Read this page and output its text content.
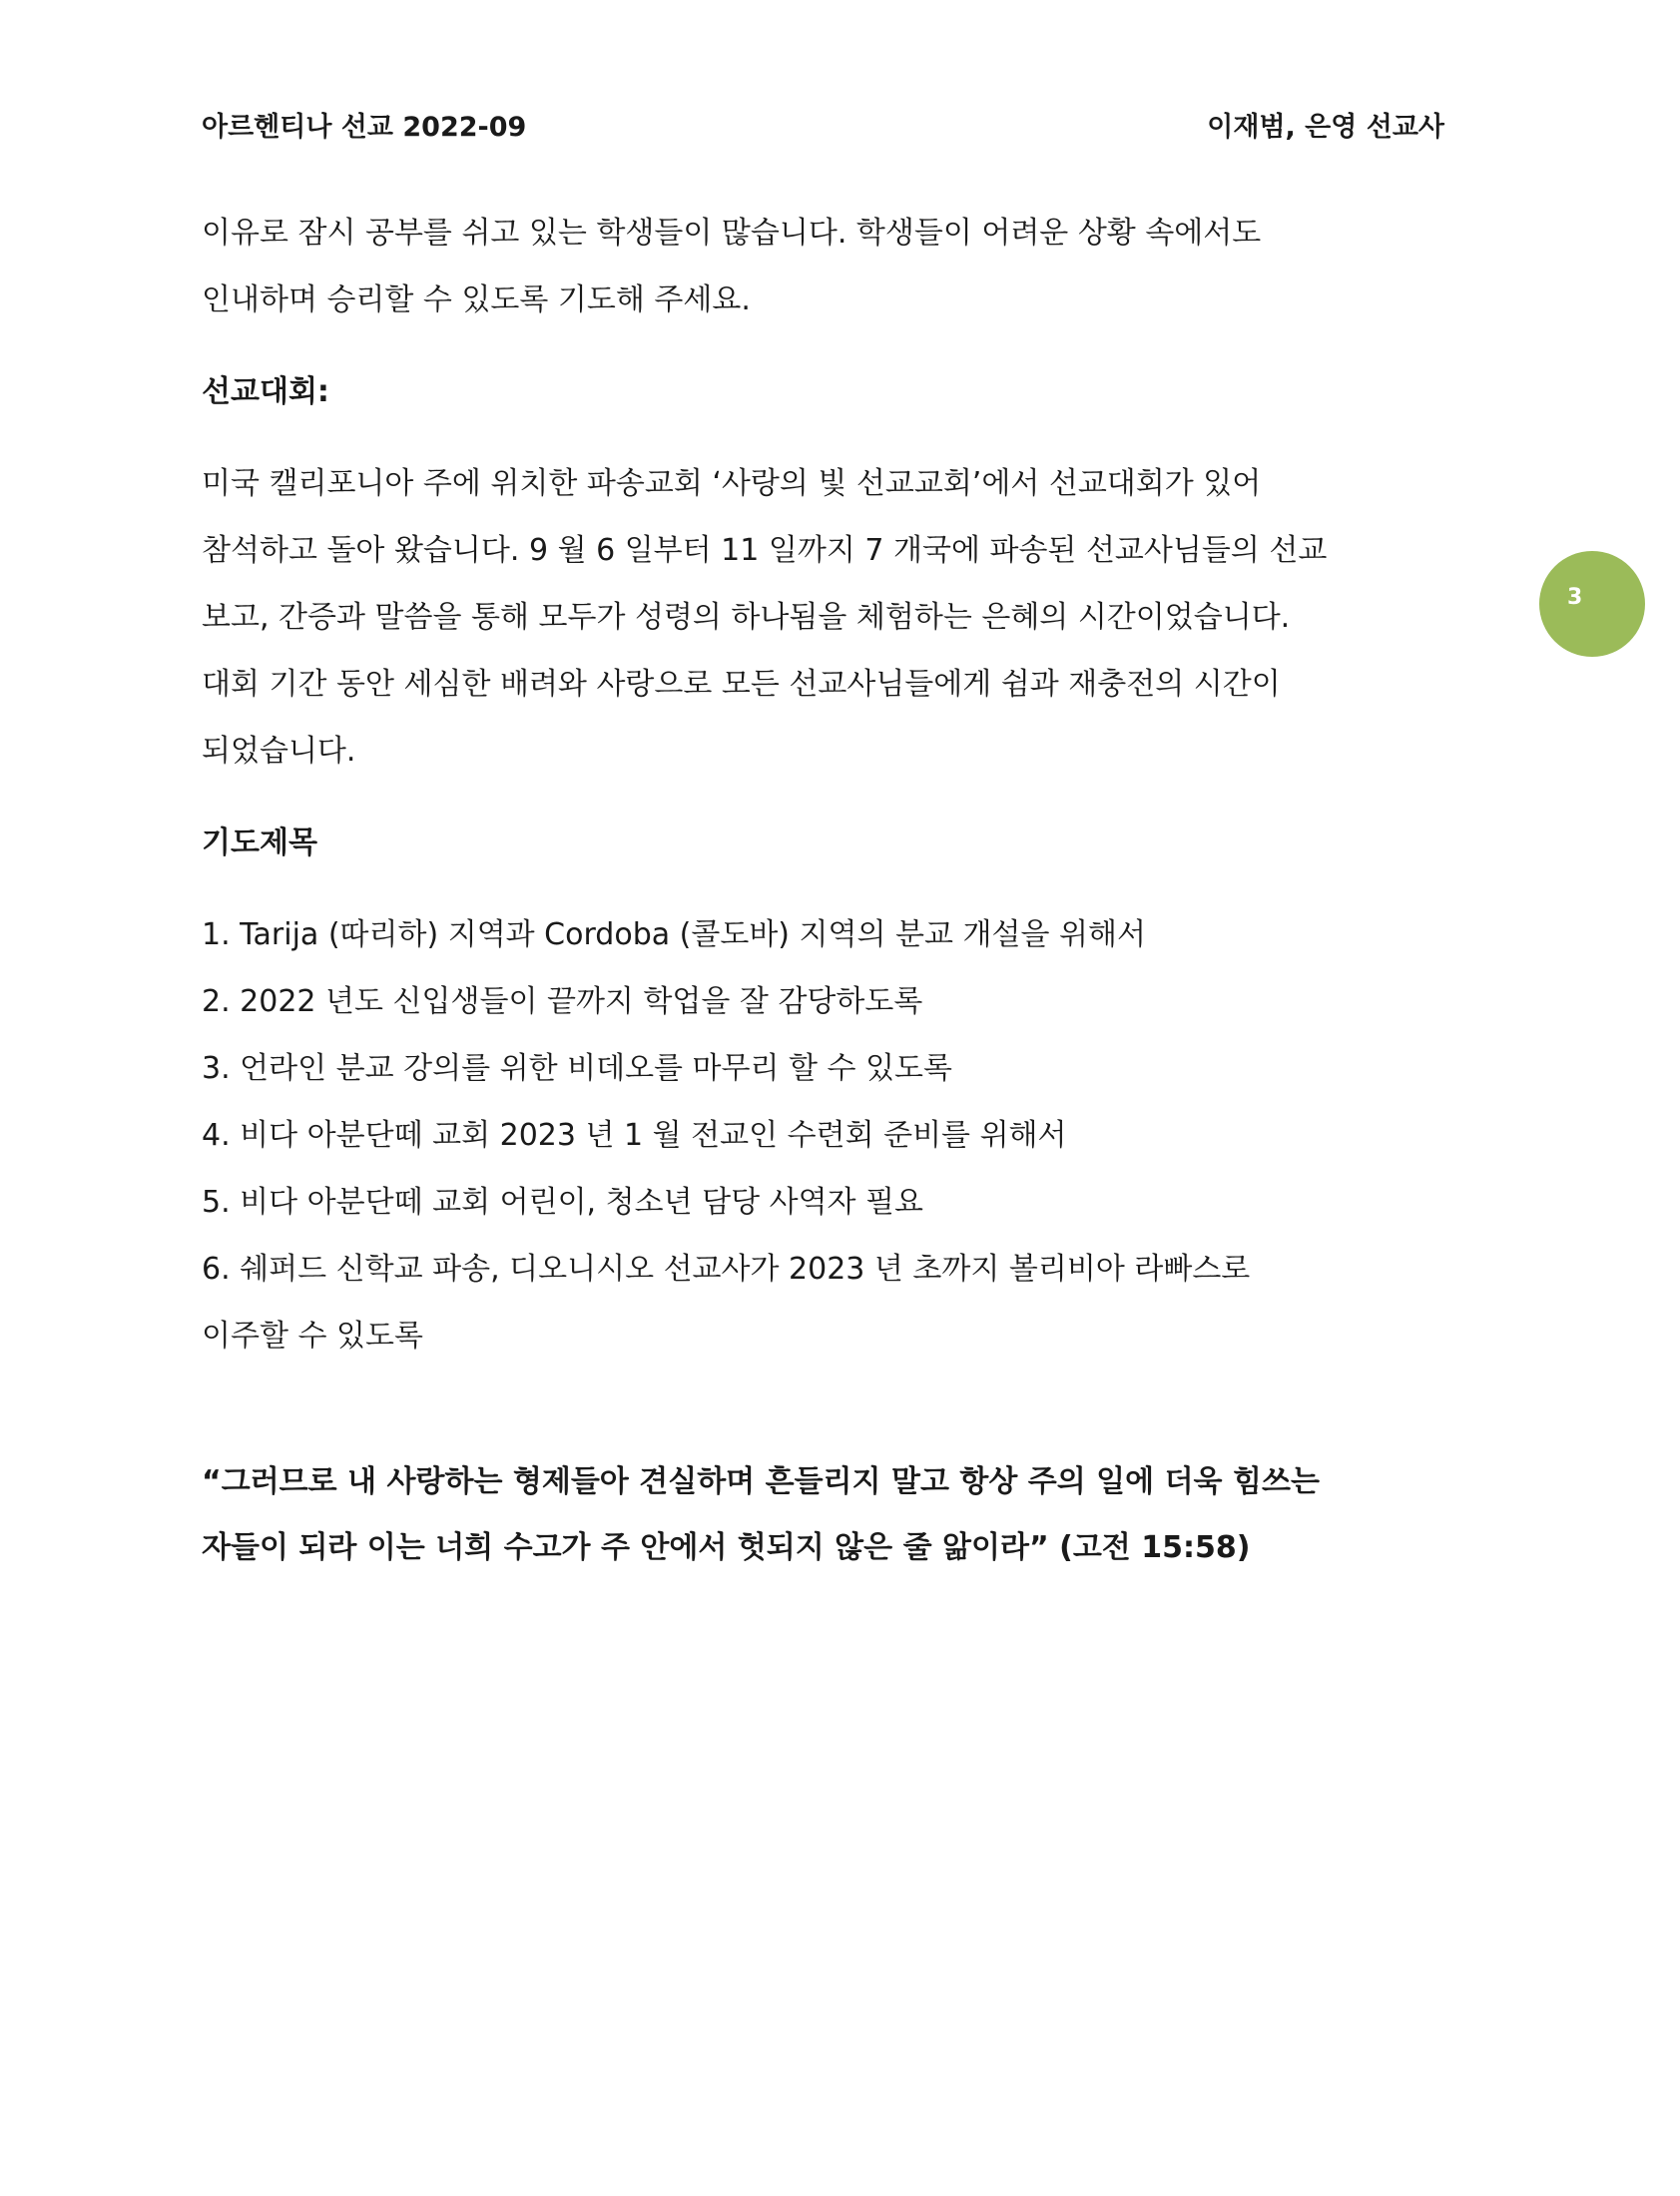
아르헨티나 선교 2022-09	이재범, 은영 선교사

이유로 잠시 공부를 쉬고 있는 학생들이 많습니다. 학생들이 어려운 상황 속에서도

인내하며 승리할 수 있도록 기도해 주세요.

선교대회:

미국 캘리포니아 주에 위치한 파송교회 ‘사랑의 빛 선교교회’에서 선교대회가 있어

참석하고 돌아 왔습니다. 9 월 6 일부터 11 일까지 7 개국에 파송된 선교사님들의 선교

보고, 간증과 말씀을 통해 모두가 성령의 하나됨을 체험하는 은혜의 시간이었습니다.

대회 기간 동안 세심한 배려와 사랑으로 모든 선교사님들에게 쉼과 재충전의 시간이

되었습니다.

기도제목

1. Tarija (따리하) 지역과 Cordoba (콜도바) 지역의 분교 개설을 위해서

2. 2022 년도 신입생들이 끝까지 학업을 잘 감당하도록

3. 언라인 분교 강의를 위한 비데오를 마무리 할 수 있도록

4. 비다 아분단떼 교회 2023 년 1 월 전교인 수련회 준비를 위해서

5. 비다 아분단떼 교회 어린이, 청소년 담당 사역자 필요

6. 쉐퍼드 신학교 파송, 디오니시오 선교사가 2023 년 초까지 볼리비아 라빠스로

이주할 수 있도록

“그러므로 내 사랑하는 형제들아 견실하며 흔들리지 말고 항상 주의 일에 더욱 힘쓰는

자들이 되라 이는 너희 수고가 주 안에서 헛되지 않은 줄 앎이라” (고전 15:58)

3
